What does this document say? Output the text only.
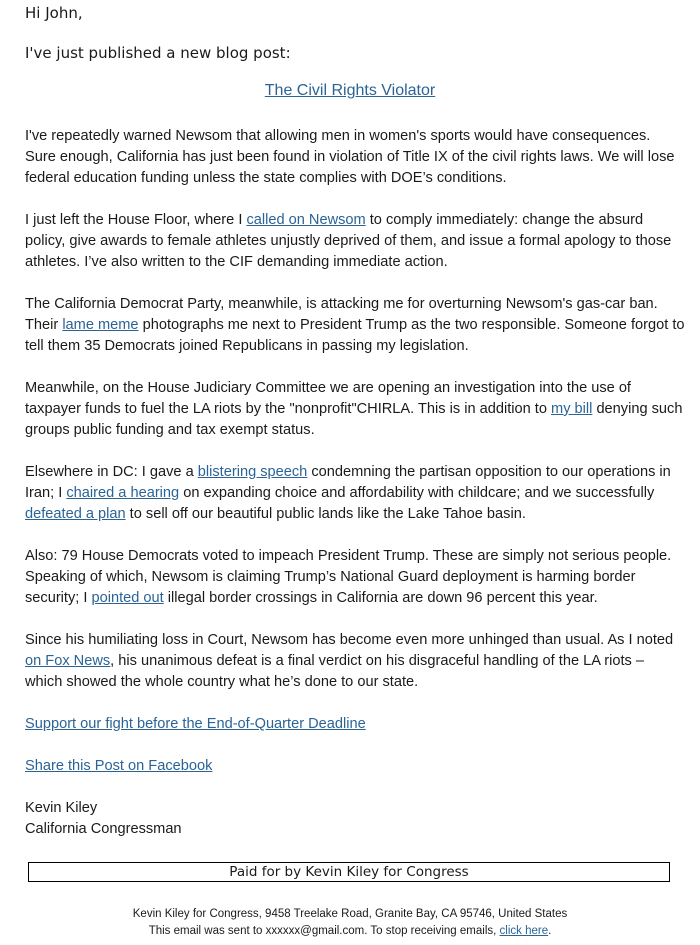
Hi John,

I've just published a new blog post:

The Civil Rights Violator

I've repeatedly warned Newsom that allowing men in women's sports would have consequences. Sure enough, California has just been found in violation of Title IX of the civil rights laws. We will lose federal education funding unless the state complies with DOE’s conditions.

I just left the House Floor, where I called on Newsom to comply immediately: change the absurd policy, give awards to female athletes unjustly deprived of them, and issue a formal apology to those athletes. I’ve also written to the CIF demanding immediate action.

The California Democrat Party, meanwhile, is attacking me for overturning Newsom's gas-car ban. Their lame meme photographs me next to President Trump as the two responsible. Someone forgot to tell them 35 Democrats joined Republicans in passing my legislation.

Meanwhile, on the House Judiciary Committee we are opening an investigation into the use of taxpayer funds to fuel the LA riots by the "nonprofit"CHIRLA. This is in addition to my bill denying such groups public funding and tax exempt status.

Elsewhere in DC: I gave a blistering speech condemning the partisan opposition to our operations in Iran; I chaired a hearing on expanding choice and affordability with childcare; and we successfully defeated a plan to sell off our beautiful public lands like the Lake Tahoe basin.

Also: 79 House Democrats voted to impeach President Trump. These are simply not serious people. Speaking of which, Newsom is claiming Trump’s National Guard deployment is harming border security; I pointed out illegal border crossings in California are down 96 percent this year.

Since his humiliating loss in Court, Newsom has become even more unhinged than usual. As I noted on Fox News, his unanimous defeat is a final verdict on his disgraceful handling of the LA riots – which showed the whole country what he’s done to our state.

Support our fight before the End-of-Quarter Deadline

Share this Post on Facebook

Kevin Kiley

California Congressman

Paid for by Kevin Kiley for Congress
Kevin Kiley for Congress, 9458 Treelake Road, Granite Bay, CA 95746, United States
This email was sent to xxxxxx@gmail.com. To stop receiving emails, click here.
